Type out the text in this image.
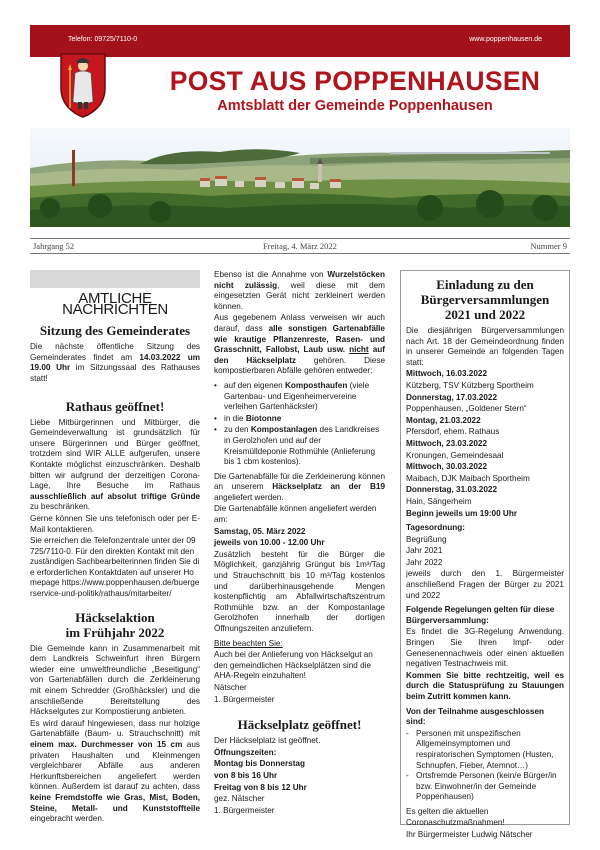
Telefon: 09725/7110-0	www.poppenhausen.de
POST AUS POPPENHAUSEN
Amtsblatt der Gemeinde Poppenhausen
Freitag, 4. März 2022
Jahrgang 52	Nummer 9
AMTLICHE NACHRICHTEN
Sitzung des Gemeinderates

Die nächste öffentliche Sitzung des Gemeinderates findet am 14.03.2022 um 19.00 Uhr im Sitzungssaal des Rathauses statt!

Rathaus geöffnet!

Liebe Mitbürgerinnen und Mitbürger, die Gemeindeverwaltung ist grundsätzlich für unsere Bürgerinnen und Bürger geöffnet, trotzdem sind WIR ALLE aufgerufen, unsere Kontakte möglichst einzuschränken. Deshalb bitten wir aufgrund der derzeitigen Corona-Lage, Ihre Besuche im Rathaus ausschließlich auf absolut triftige Gründe zu beschränken.

Gerne können Sie uns telefonisch oder per E-Mail kontaktieren.

Sie erreichen die Telefonzentrale unter der 09725/7110-0. Für den direkten Kontakt mit den zuständigen Sachbearbeiterinnen finden Sie die erforderlichen Kontaktdaten auf unserer Homepage https://www.poppenhausen.de/buergerservice-und-politik/rathaus/mitarbeiter/

Häckselaktion
im Frühjahr 2022

Die Gemeinde kann in Zusammenarbeit mit dem Landkreis Schweinfurt ihren Bürgern wieder eine umweltfreundliche „Beseitigung“ von Gartenabfällen durch die Zerkleinerung mit einem Schredder (Großhäcksler) und die anschließende Bereitstellung des Häckselgutes zur Kompostierung anbieten.

Es wird darauf hingewiesen, dass nur holzige Gartenabfälle (Baum- u. Strauchschnitt) mit einem max. Durchmesser von 15 cm aus privaten Haushalten und Kleinmengen vergleichbarer Abfälle aus anderen Herkunftsbereichen angeliefert werden können. Außerdem ist darauf zu achten, dass keine Fremdstoffe wie Gras, Mist, Boden, Steine, Metall- und Kunststoffteile eingebracht werden.

Ebenso ist die Annahme von Wurzelstöcken nicht zulässig, weil diese mit dem eingesetzten Gerät nicht zerkleinert werden können.

Aus gegebenem Anlass verweisen wir auch darauf, dass alle sonstigen Gartenabfälle wie krautige Pflanzenreste, Rasen- und Grasschnitt, Fallobst, Laub usw. nicht auf den Häckselplatz gehören. Diese kompostierbaren Abfälle gehören entweder:

• auf den eigenen Komposthaufen (viele Gartenbau- und Eigenheimervereine verleihen Gartenhäcksler)
• in die Biotonne
• zu den Kompostanlagen des Landkreises in Gerolzhofen und auf der Kreismülldeponie Rothmühle (Anlieferung bis 1 cbm kostenlos).

Die Gartenabfälle für die Zerkleinerung können an unserem Häckselplatz an der B19 angeliefert werden.

Die Gartenabfälle können angeliefert werden am:

Samstag, 05. März 2022

jeweils von 10.00 - 12.00 Uhr

Zusätzlich besteht für die Bürger die Möglichkeit, ganzjährig Grüngut bis 1m³/Tag und Strauchschnitt bis 10 m³/Tag kostenlos und darüberhinausgehende Mengen kostenpflichtig am Abfallwirtschaftszentrum Rothmühle bzw. an der Kompostanlage Gerolzhofen innerhalb der dortigen Öffnungszeiten anzuliefern.

Bitte beachten Sie:

Auch bei der Anlieferung von Häckselgut an den gemeindlichen Häckselplätzen sind die AHA-Regeln einzuhalten!

Nätscher

1. Bürgermeister

Häckselplatz geöffnet!

Der Häckselplatz ist geöffnet.

Öffnungszeiten:

Montag bis Donnerstag

von 8 bis 16 Uhr

Freitag von 8 bis 12 Uhr

gez. Nätscher

1. Bürgermeister

Einladung zu den
Bürgerversammlungen
2021 und 2022

Die diesjährigen Bürgerversammlungen nach Art. 18 der Gemeindeordnung finden in unserer Gemeinde an folgenden Tagen statt:

Mittwoch, 16.03.2022

Kützberg, TSV Kützberg Sportheim

Donnerstag, 17.03.2022

Poppenhausen, „Goldener Stern“

Montag, 21.03.2022

Pfersdorf, ehem. Rathaus

Mittwoch, 23.03.2022

Kronungen, Gemeindesaal

Mittwoch, 30.03.2022

Maibach, DJK Maibach Sportheim

Donnerstag, 31.03.2022

Hain, Sängerheim

Beginn jeweils um 19:00 Uhr

Tagesordnung:

Begrüßung

Jahr 2021

Jahr 2022

jeweils durch den 1. Bürgermeister anschließend Fragen der Bürger zu 2021 und 2022

Folgende Regelungen gelten für diese Bürgerversammlung:

Es findet die 3G-Regelung Anwendung. Bringen Sie Ihren Impf- oder Genesenennachweis oder einen aktuellen negativen Testnachweis mit.

Kommen Sie bitte rechtzeitig, weil es durch die Statusprüfung zu Stauungen beim Zutritt kommen kann.

Von der Teilnahme ausgeschlossen sind:

- Personen mit unspezifischen Allgemeinsymptomen und respiratorischen Symptomen (Husten, Schnupfen, Fieber, Atemnot…)
- Ortsfremde Personen (kein/e Bürger/in bzw. Einwohner/in der Gemeinde Poppenhausen)

Es gelten die aktuellen Coronaschutzmaßnahmen!

Ihr Bürgermeister Ludwig Nätscher
